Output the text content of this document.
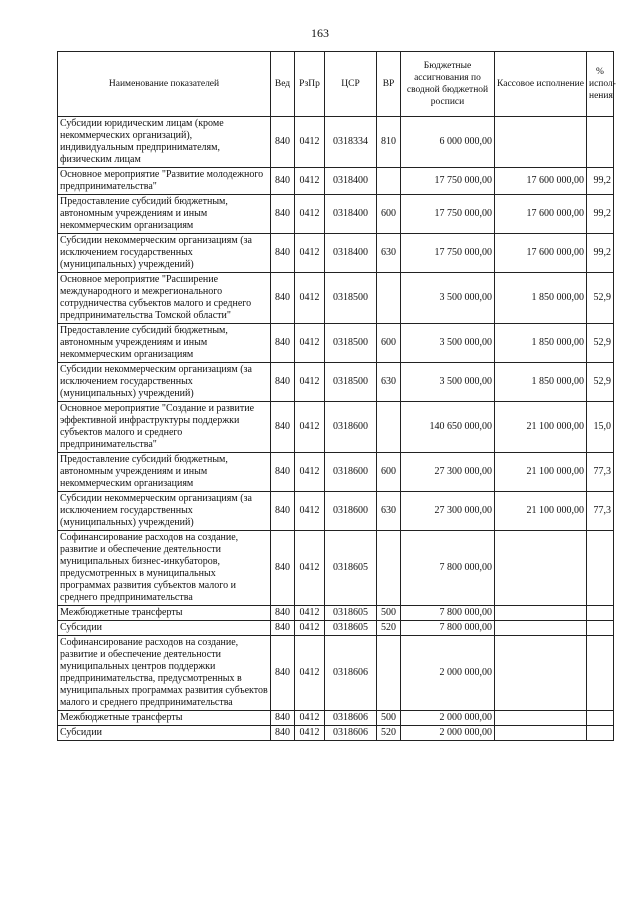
163
Наименование показателей	Вед	РзПр	ЦСР	ВР	Бюджетные ассигнования по сводной бюджетной росписи	Кассовое исполнение	% испол-нения
Субсидии юридическим лицам (кроме некоммерческих организаций), индивидуальным предпринимателям, физическим лицам	840	0412	0318334	810	6 000 000,00		
Основное мероприятие "Развитие молодежного предпринимательства"	840	0412	0318400		17 750 000,00	17 600 000,00	99,2
Предоставление субсидий бюджетным, автономным учреждениям и иным некоммерческим организациям	840	0412	0318400	600	17 750 000,00	17 600 000,00	99,2
Субсидии некоммерческим организациям (за исключением государственных (муниципальных) учреждений)	840	0412	0318400	630	17 750 000,00	17 600 000,00	99,2
Основное мероприятие "Расширение международного и межрегионального сотрудничества субъектов малого и среднего предпринимательства Томской области"	840	0412	0318500		3 500 000,00	1 850 000,00	52,9
Предоставление субсидий бюджетным, автономным учреждениям и иным некоммерческим организациям	840	0412	0318500	600	3 500 000,00	1 850 000,00	52,9
Субсидии некоммерческим организациям (за исключением государственных (муниципальных) учреждений)	840	0412	0318500	630	3 500 000,00	1 850 000,00	52,9
Основное мероприятие "Создание и развитие эффективной инфраструктуры поддержки субъектов малого и среднего предпринимательства"	840	0412	0318600		140 650 000,00	21 100 000,00	15,0
Предоставление субсидий бюджетным, автономным учреждениям и иным некоммерческим организациям	840	0412	0318600	600	27 300 000,00	21 100 000,00	77,3
Субсидии некоммерческим организациям (за исключением государственных (муниципальных) учреждений)	840	0412	0318600	630	27 300 000,00	21 100 000,00	77,3
Софинансирование расходов на создание, развитие и обеспечение деятельности муниципальных бизнес-инкубаторов, предусмотренных в муниципальных программах развития субъектов малого и среднего предпринимательства	840	0412	0318605		7 800 000,00		
Межбюджетные трансферты	840	0412	0318605	500	7 800 000,00		
Субсидии	840	0412	0318605	520	7 800 000,00		
Софинансирование расходов на создание, развитие и обеспечение деятельности муниципальных центров поддержки предпринимательства, предусмотренных в муниципальных программах развития субъектов малого и среднего предпринимательства	840	0412	0318606		2 000 000,00		
Межбюджетные трансферты	840	0412	0318606	500	2 000 000,00		
Субсидии	840	0412	0318606	520	2 000 000,00		
